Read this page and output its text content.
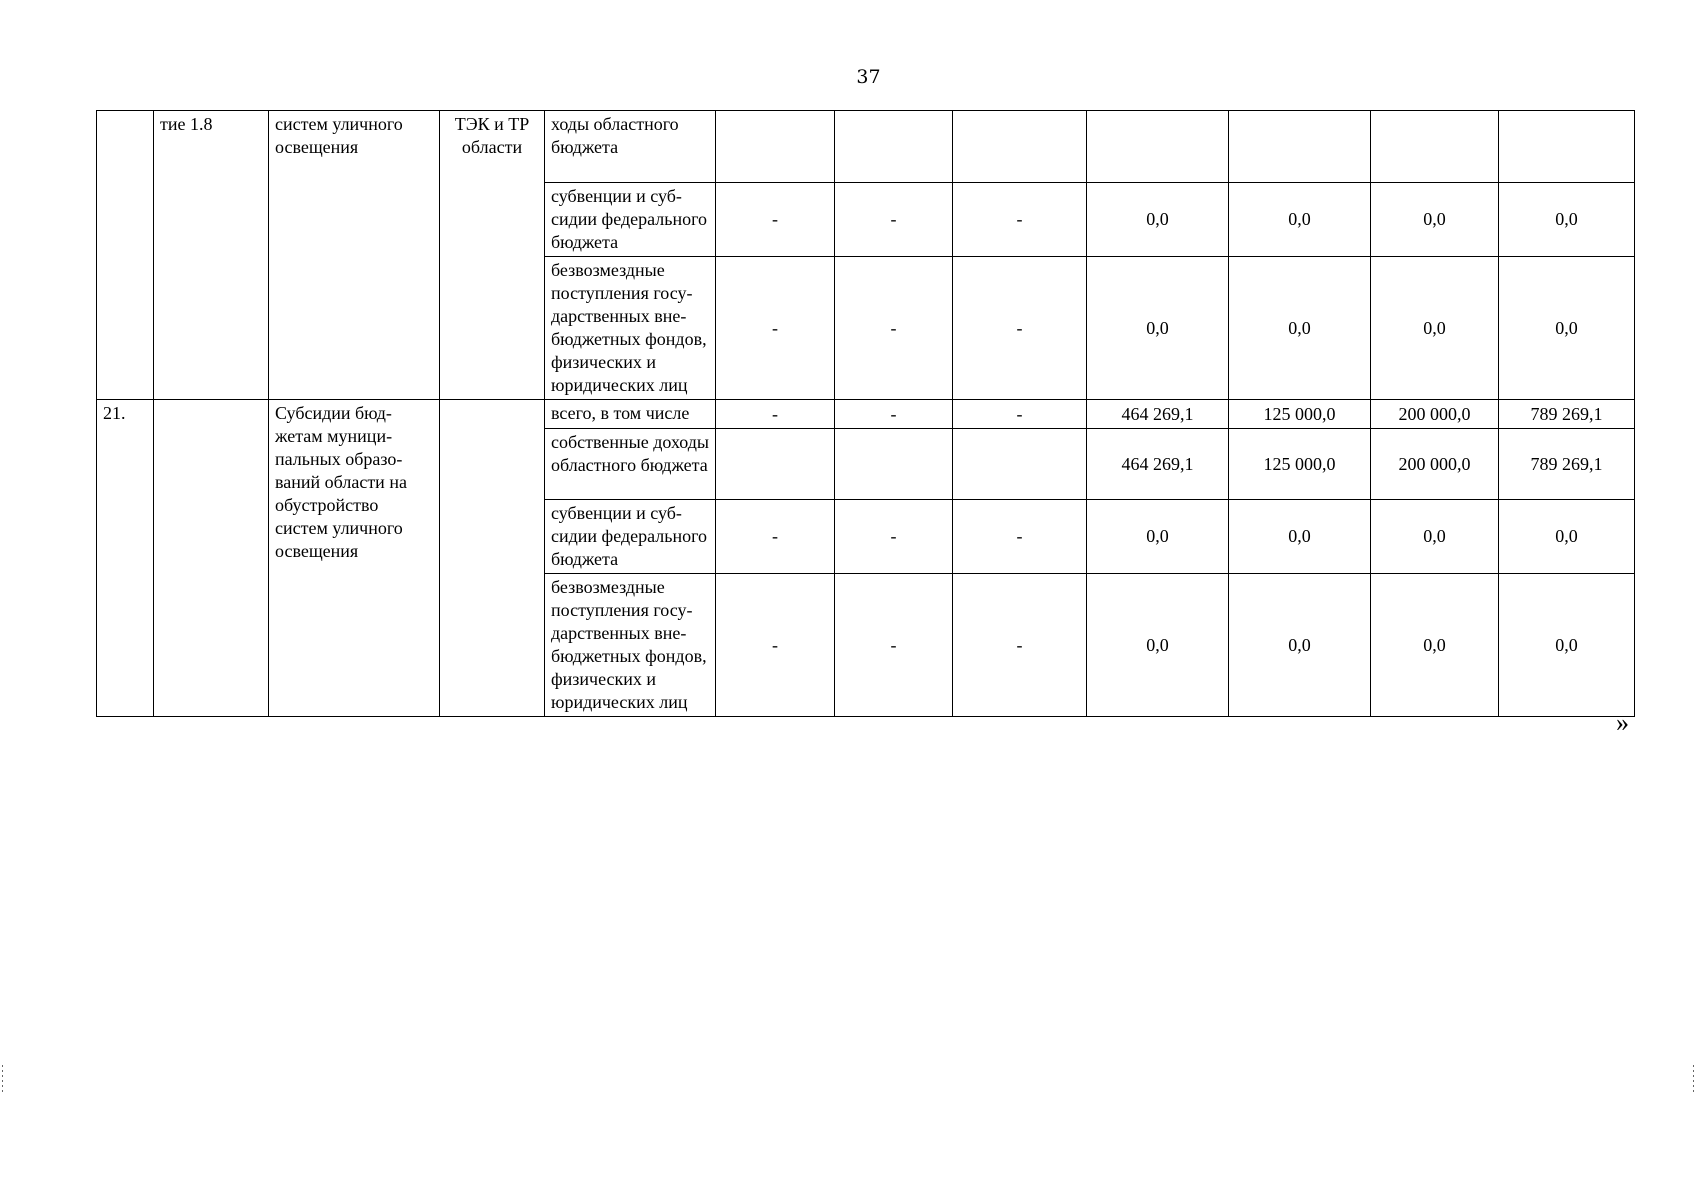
37
	тие 1.8	систем уличного освещения	ТЭК и ТР области	ходы областного бюджета							
				субвенции и субсидии федерального бюджета	-	-	-	0,0	0,0	0,0	0,0
				безвозмездные поступления государственных внебюджетных фондов, физических и юридических лиц	-	-	-	0,0	0,0	0,0	0,0
21.		Субсидии бюджетам муниципальных образований области на обустройство систем уличного освещения		всего, в том числе	-	-	-	464 269,1	125 000,0	200 000,0	789 269,1
				собственные доходы областного бюджета				464 269,1	125 000,0	200 000,0	789 269,1
				субвенции и субсидии федерального бюджета	-	-	-	0,0	0,0	0,0	0,0
				безвозмездные поступления государственных внебюджетных фондов, физических и юридических лиц	-	-	-	0,0	0,0	0,0	0,0
»
